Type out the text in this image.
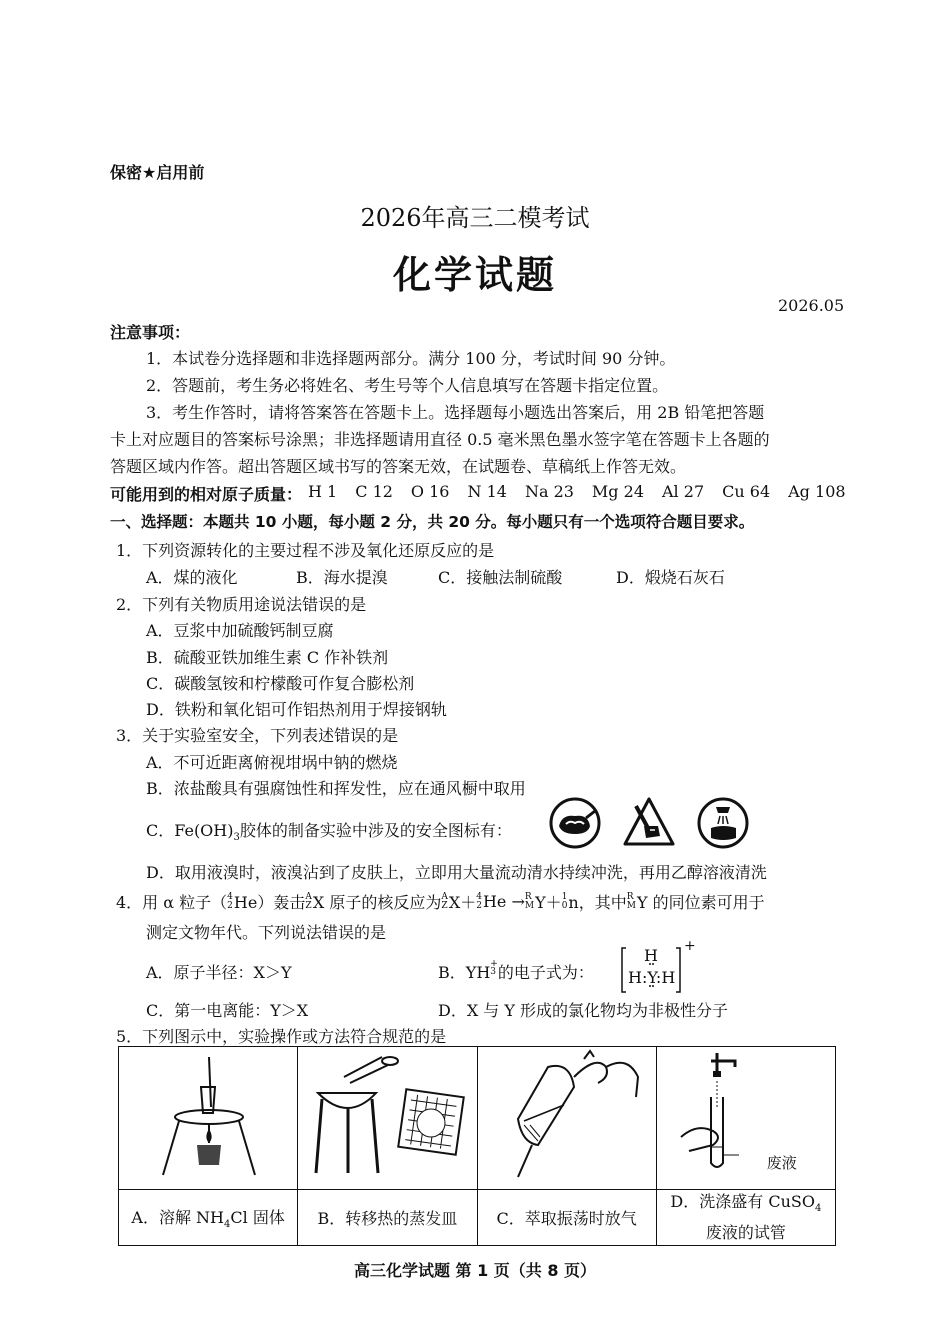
保密★启用前
2026年高三二模考试
化学试题
2026.05
注意事项：
1．本试卷分选择题和非选择题两部分。满分 100 分，考试时间 90 分钟。
2．答题前，考生务必将姓名、考生号等个人信息填写在答题卡指定位置。
3．考生作答时，请将答案答在答题卡上。选择题每小题选出答案后，用 2B 铅笔把答题
卡上对应题目的答案标号涂黑；非选择题请用直径 0.5 毫米黑色墨水签字笔在答题卡上各题的
答题区域内作答。超出答题区域书写的答案无效，在试题卷、草稿纸上作答无效。
可能用到的相对原子质量： H 1 C 12 O 16 N 14 Na 23 Mg 24 Al 27 Cu 64 Ag 108
一、选择题：本题共 10 小题，每小题 2 分，共 20 分。每小题只有一个选项符合题目要求。
1．下列资源转化的主要过程不涉及氧化还原反应的是
A．煤的液化	B．海水提溴	C．接触法制硫酸	D．煅烧石灰石
2．下列有关物质用途说法错误的是
A．豆浆中加硫酸钙制豆腐
B．硫酸亚铁加维生素 C 作补铁剂
C．碳酸氢铵和柠檬酸可作复合膨松剂
D．铁粉和氧化铝可作铝热剂用于焊接钢轨
3．关于实验室安全，下列表述错误的是
A．不可近距离俯视坩埚中钠的燃烧
B．浓盐酸具有强腐蚀性和挥发性，应在通风橱中取用
C．$Fe(OH)_3$胶体的制备实验中涉及的安全图标有：
D．取用液溴时，液溴沾到了皮肤上，立即用大量流动清水持续冲洗，再用乙醇溶液清洗
4．用 α 粒子（ 4
2 He）轰击 A
Z X 原子的核反应为 A
Z X＋ 4
2 He → R
M Y＋ 1
0 n，其中 R
M Y 的同位素可用于
测定文物年代。下列说法错误的是
A．原子半径：X＞Y	B．YH +
3 的电子式为：
H
H:Y:H
+
C．第一电离能：Y＞X	D．X 与 Y 形成的氯化物均为非极性分子
5．下列图示中，实验操作或方法符合规范的是

废液

A．溶解 $NH_4Cl$ 固体	B．转移热的蒸发皿	C．萃取振荡时放气	D．洗涤盛有 CuSO$_4$
废液的试管
高三化学试题 第 1 页（共 8 页）
